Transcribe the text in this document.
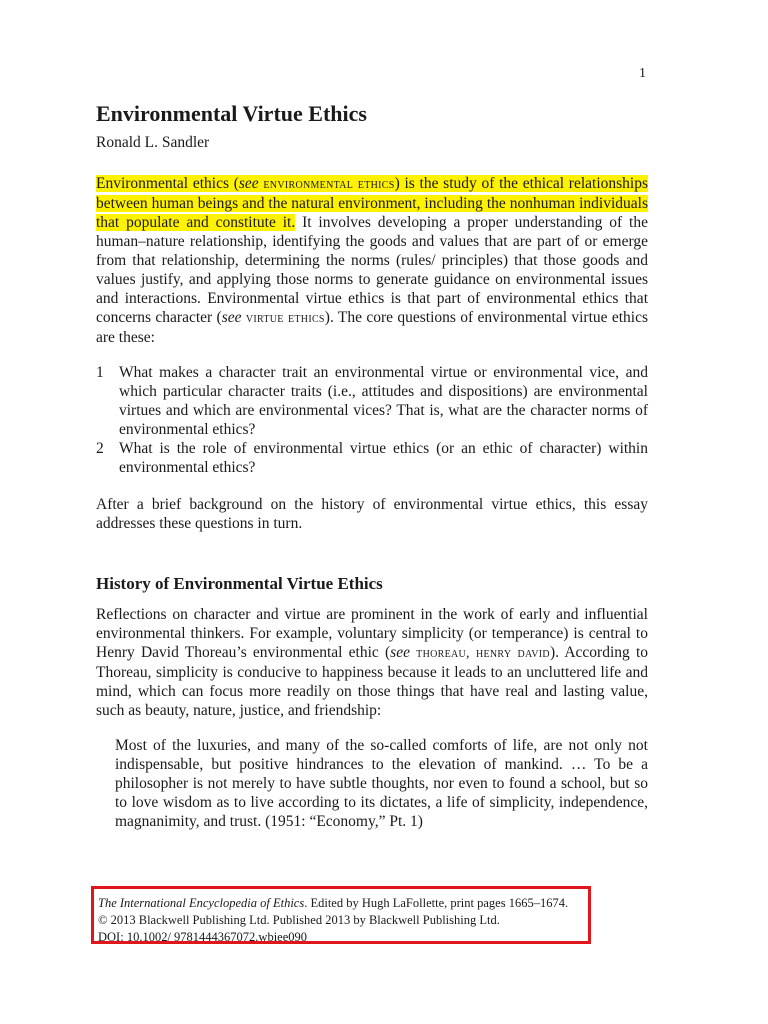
1
Environmental Virtue Ethics

Ronald L. Sandler

Environmental ethics (see environmental ethics) is the study of the ethical relationships between human beings and the natural environment, including the nonhuman individuals that populate and constitute it. It involves developing a proper understanding of the human–nature relationship, identifying the goods and values that are part of or emerge from that relationship, determining the norms (rules/ principles) that those goods and values justify, and applying those norms to generate guidance on environmental issues and interactions. Environmental virtue ethics is that part of environmental ethics that concerns character (see virtue ethics). The core questions of environmental virtue ethics are these:

1 What makes a character trait an environmental virtue or environmental vice, and which particular character traits (i.e., attitudes and dispositions) are environmental virtues and which are environmental vices? That is, what are the character norms of environmental ethics?
2 What is the role of environmental virtue ethics (or an ethic of character) within environmental ethics?

After a brief background on the history of environmental virtue ethics, this essay addresses these questions in turn.

History of Environmental Virtue Ethics

Reflections on character and virtue are prominent in the work of early and influential environmental thinkers. For example, voluntary simplicity (or temperance) is central to Henry David Thoreau’s environmental ethic (see thoreau, henry david). According to Thoreau, simplicity is conducive to happiness because it leads to an uncluttered life and mind, which can focus more readily on those things that have real and lasting value, such as beauty, nature, justice, and friendship:

Most of the luxuries, and many of the so-called comforts of life, are not only not indispensable, but positive hindrances to the elevation of mankind. … To be a philosopher is not merely to have subtle thoughts, nor even to found a school, but so to love wisdom as to live according to its dictates, a life of simplicity, independence, magnanimity, and trust. (1951: “Economy,” Pt. 1)

The International Encyclopedia of Ethics. Edited by Hugh LaFollette, print pages 1665–1674.
© 2013 Blackwell Publishing Ltd. Published 2013 by Blackwell Publishing Ltd.
DOI: 10.1002/ 9781444367072.wbiee090
